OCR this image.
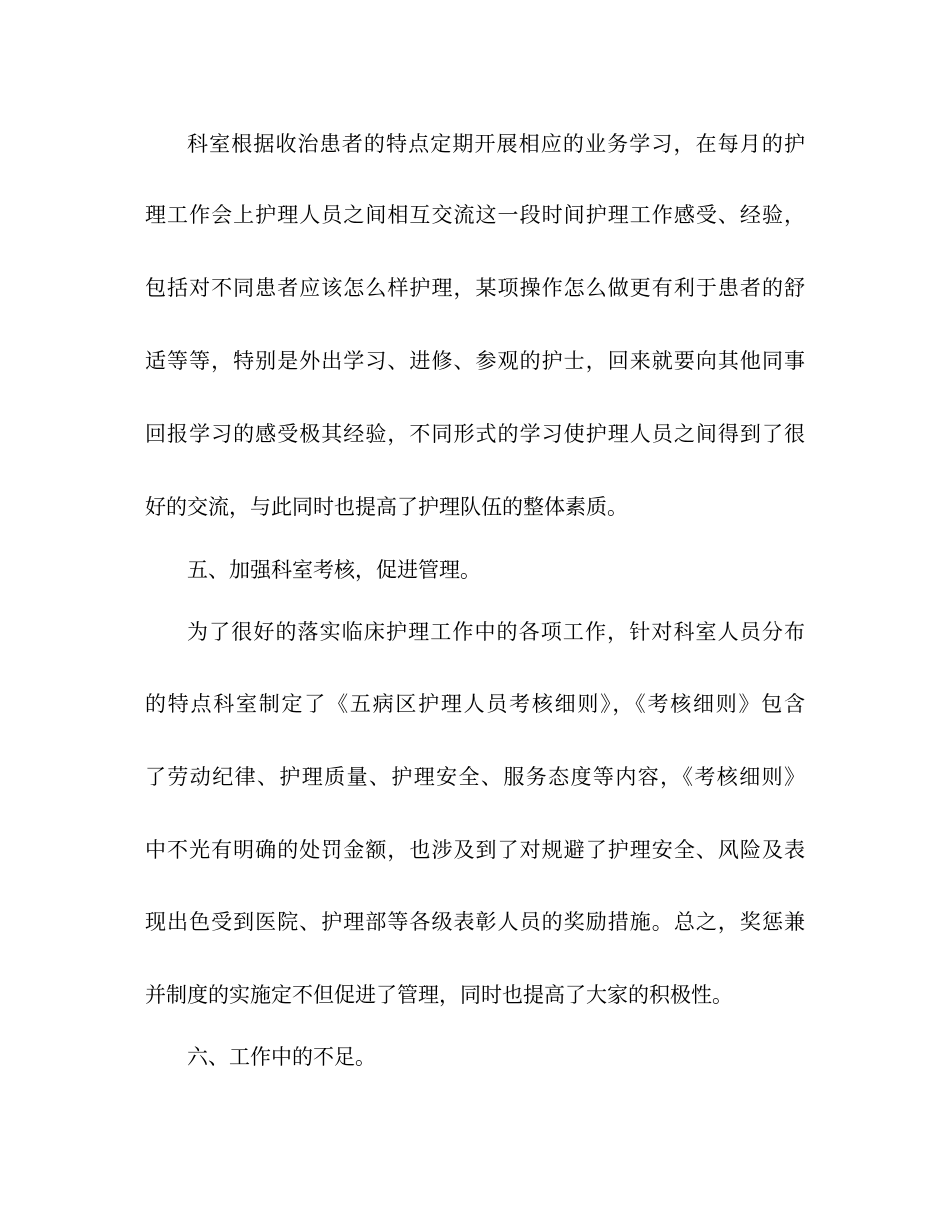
科室根据收治患者的特点定期开展相应的业务学习，在每月的护
理工作会上护理人员之间相互交流这一段时间护理工作感受、经验，
包括对不同患者应该怎么样护理，某项操作怎么做更有利于患者的舒
适等等，特别是外出学习、进修、参观的护士，回来就要向其他同事
回报学习的感受极其经验，不同形式的学习使护理人员之间得到了很
好的交流，与此同时也提高了护理队伍的整体素质。
五、加强科室考核，促进管理。
为了很好的落实临床护理工作中的各项工作，针对科室人员分布
的特点科室制定了《五病区护理人员考核细则》，《考核细则》包含
了劳动纪律、护理质量、护理安全、服务态度等内容，《考核细则》
中不光有明确的处罚金额，也涉及到了对规避了护理安全、风险及表
现出色受到医院、护理部等各级表彰人员的奖励措施。总之，奖惩兼
并制度的实施定不但促进了管理，同时也提高了大家的积极性。
六、工作中的不足。
